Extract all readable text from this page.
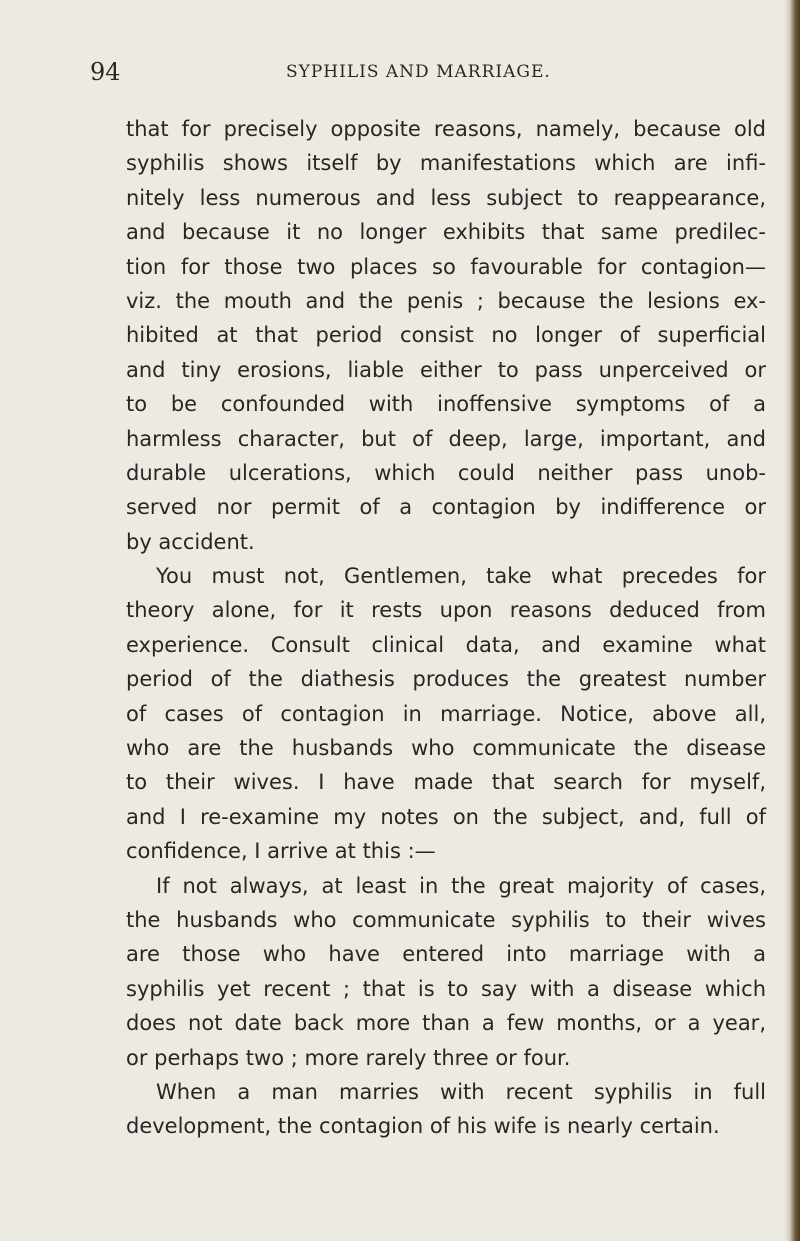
94	SYPHILIS AND MARRIAGE.
that for precisely opposite reasons, namely, because old
syphilis shows itself by manifestations which are infi-
nitely less numerous and less subject to reappearance,
and because it no longer exhibits that same predilec-
tion for those two places so favourable for contagion—
viz. the mouth and the penis ; because the lesions ex-
hibited at that period consist no longer of superficial
and tiny erosions, liable either to pass unperceived or
to be confounded with inoffensive symptoms of a
harmless character, but of deep, large, important, and
durable ulcerations, which could neither pass unob-
served nor permit of a contagion by indifference or
by accident.
You must not, Gentlemen, take what precedes for
theory alone, for it rests upon reasons deduced from
experience. Consult clinical data, and examine what
period of the diathesis produces the greatest number
of cases of contagion in marriage. Notice, above all,
who are the husbands who communicate the disease
to their wives. I have made that search for myself,
and I re-examine my notes on the subject, and, full of
confidence, I arrive at this :—
If not always, at least in the great majority of cases,
the husbands who communicate syphilis to their wives
are those who have entered into marriage with a
syphilis yet recent ; that is to say with a disease which
does not date back more than a few months, or a year,
or perhaps two ; more rarely three or four.
When a man marries with recent syphilis in full
development, the contagion of his wife is nearly certain.
